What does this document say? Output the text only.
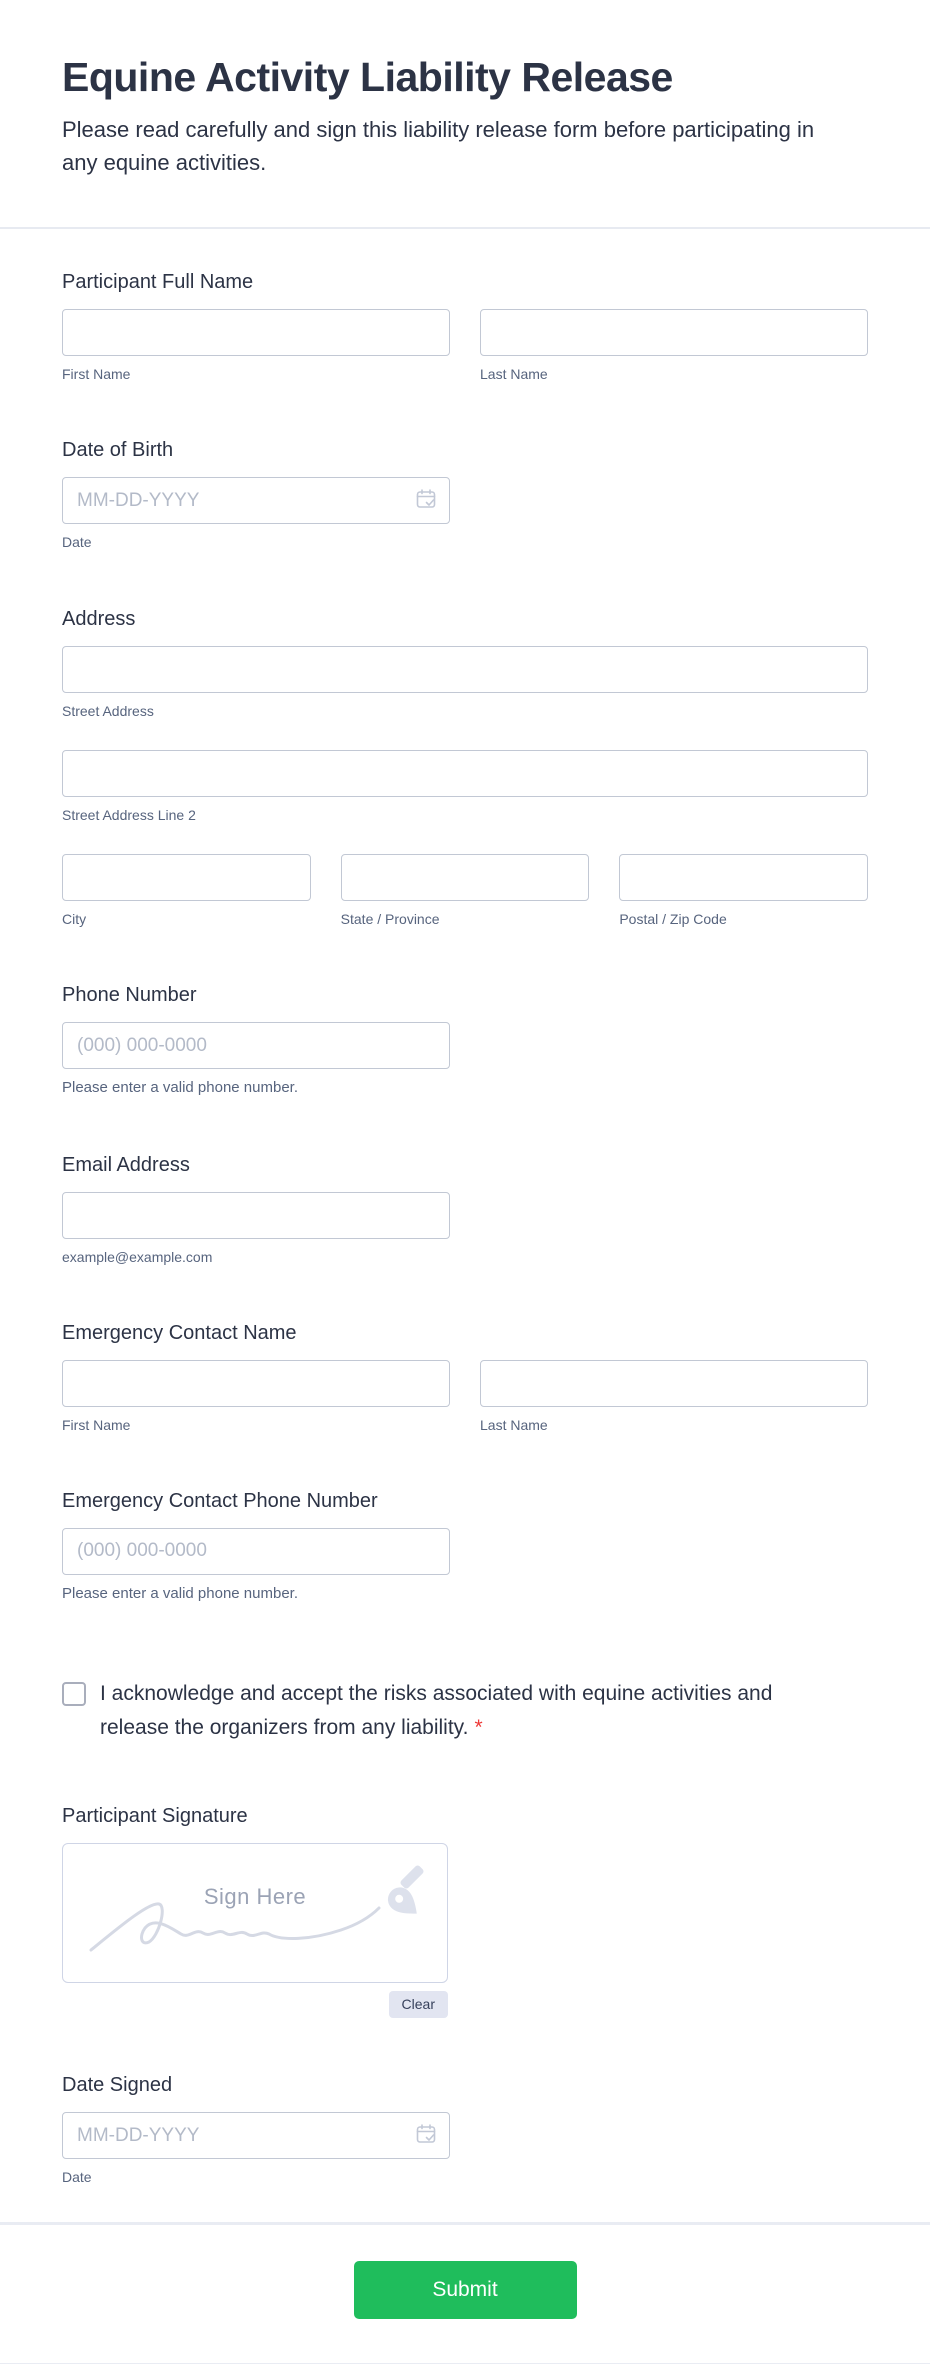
Equine Activity Liability Release
Please read carefully and sign this liability release form before participating in any equine activities.
Participant Full Name
First Name	Last Name
Date of Birth
MM-DD-YYYY
Date
Address
Street Address
Street Address Line 2
City	State / Province	Postal / Zip Code
Phone Number
(000) 000-0000
Please enter a valid phone number.
Email Address
example@example.com
Emergency Contact Name
First Name	Last Name
Emergency Contact Phone Number
(000) 000-0000
Please enter a valid phone number.
I acknowledge and accept the risks associated with equine activities and release the organizers from any liability. *
Participant Signature
Sign Here
Clear
Date Signed
MM-DD-YYYY
Date
Submit
